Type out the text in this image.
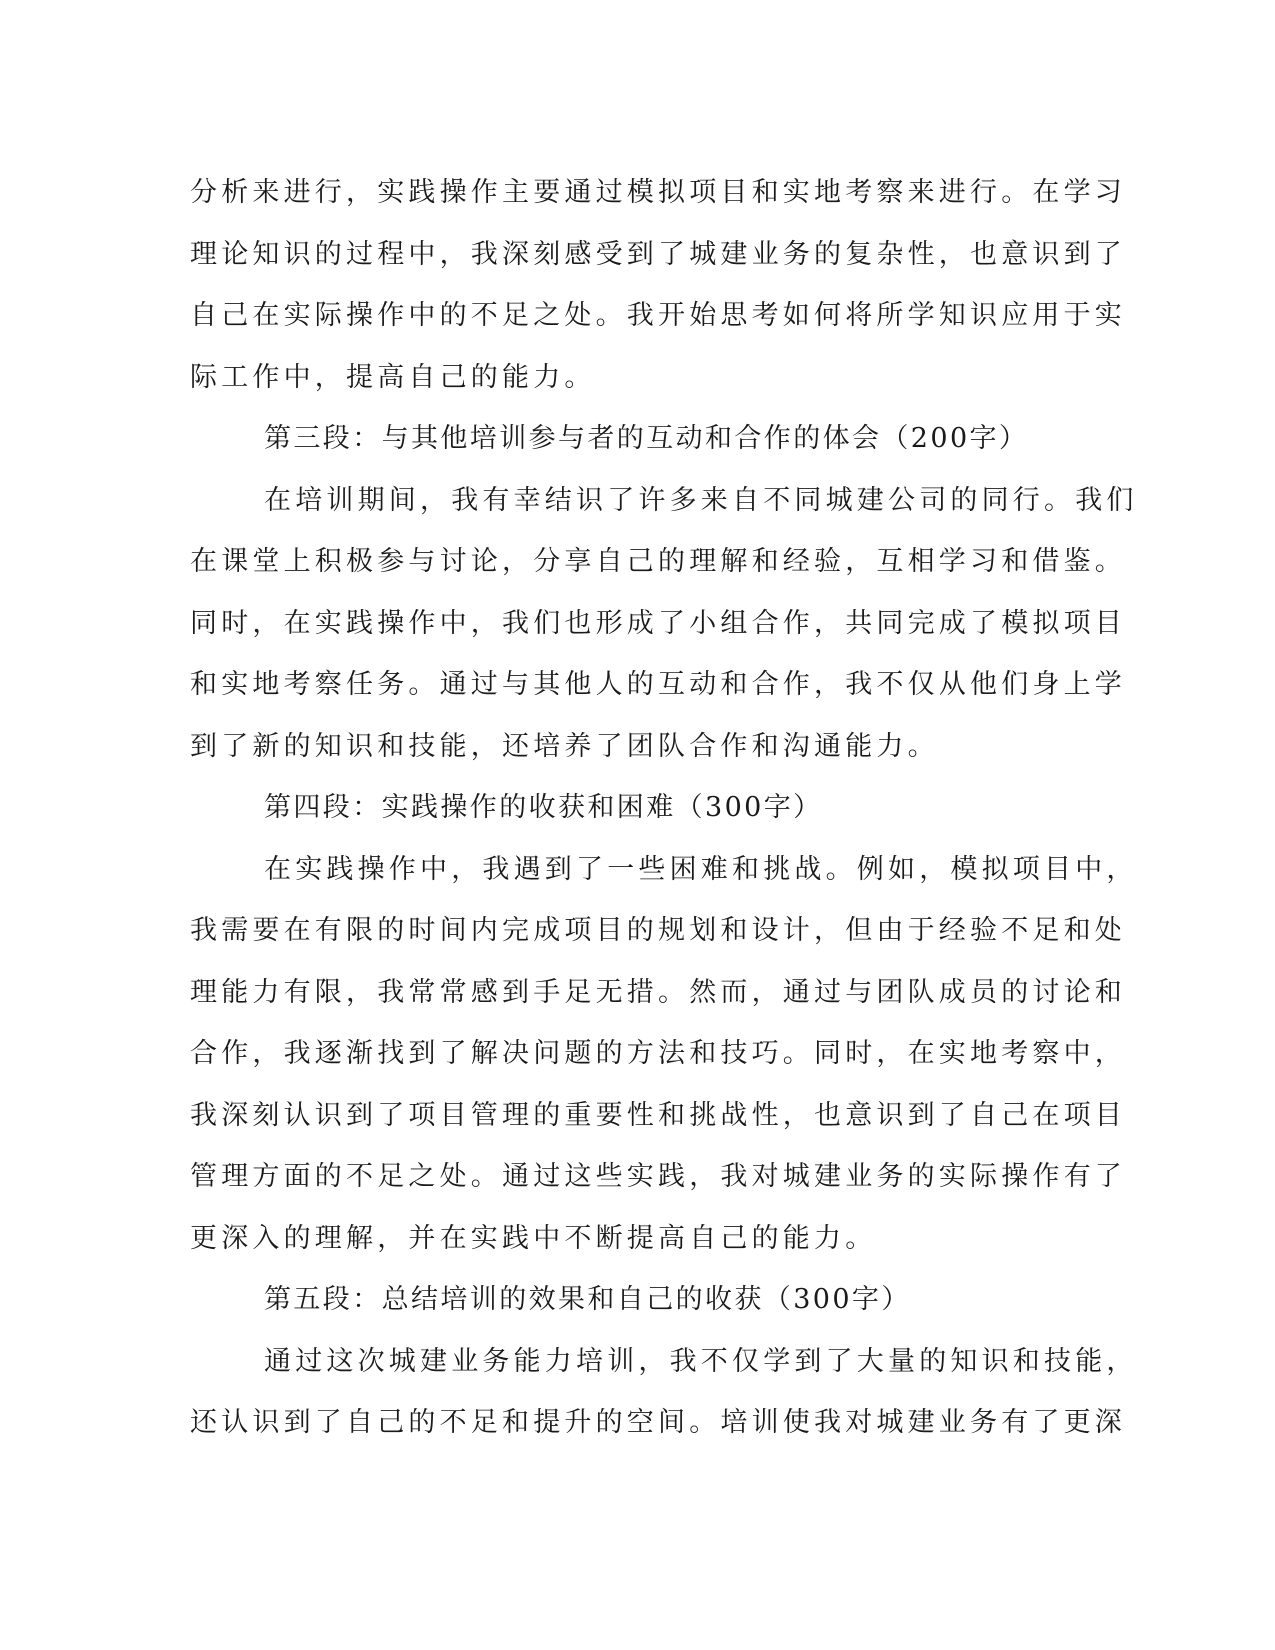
分析来进行，实践操作主要通过模拟项目和实地考察来进行。在学习
理论知识的过程中，我深刻感受到了城建业务的复杂性，也意识到了
自己在实际操作中的不足之处。我开始思考如何将所学知识应用于实
际工作中，提高自己的能力。
第三段：与其他培训参与者的互动和合作的体会（200字）
在培训期间，我有幸结识了许多来自不同城建公司的同行。我们
在课堂上积极参与讨论，分享自己的理解和经验，互相学习和借鉴。
同时，在实践操作中，我们也形成了小组合作，共同完成了模拟项目
和实地考察任务。通过与其他人的互动和合作，我不仅从他们身上学
到了新的知识和技能，还培养了团队合作和沟通能力。
第四段：实践操作的收获和困难（300字）
在实践操作中，我遇到了一些困难和挑战。例如，模拟项目中，
我需要在有限的时间内完成项目的规划和设计，但由于经验不足和处
理能力有限，我常常感到手足无措。然而，通过与团队成员的讨论和
合作，我逐渐找到了解决问题的方法和技巧。同时，在实地考察中，
我深刻认识到了项目管理的重要性和挑战性，也意识到了自己在项目
管理方面的不足之处。通过这些实践，我对城建业务的实际操作有了
更深入的理解，并在实践中不断提高自己的能力。
第五段：总结培训的效果和自己的收获（300字）
通过这次城建业务能力培训，我不仅学到了大量的知识和技能，
还认识到了自己的不足和提升的空间。培训使我对城建业务有了更深
